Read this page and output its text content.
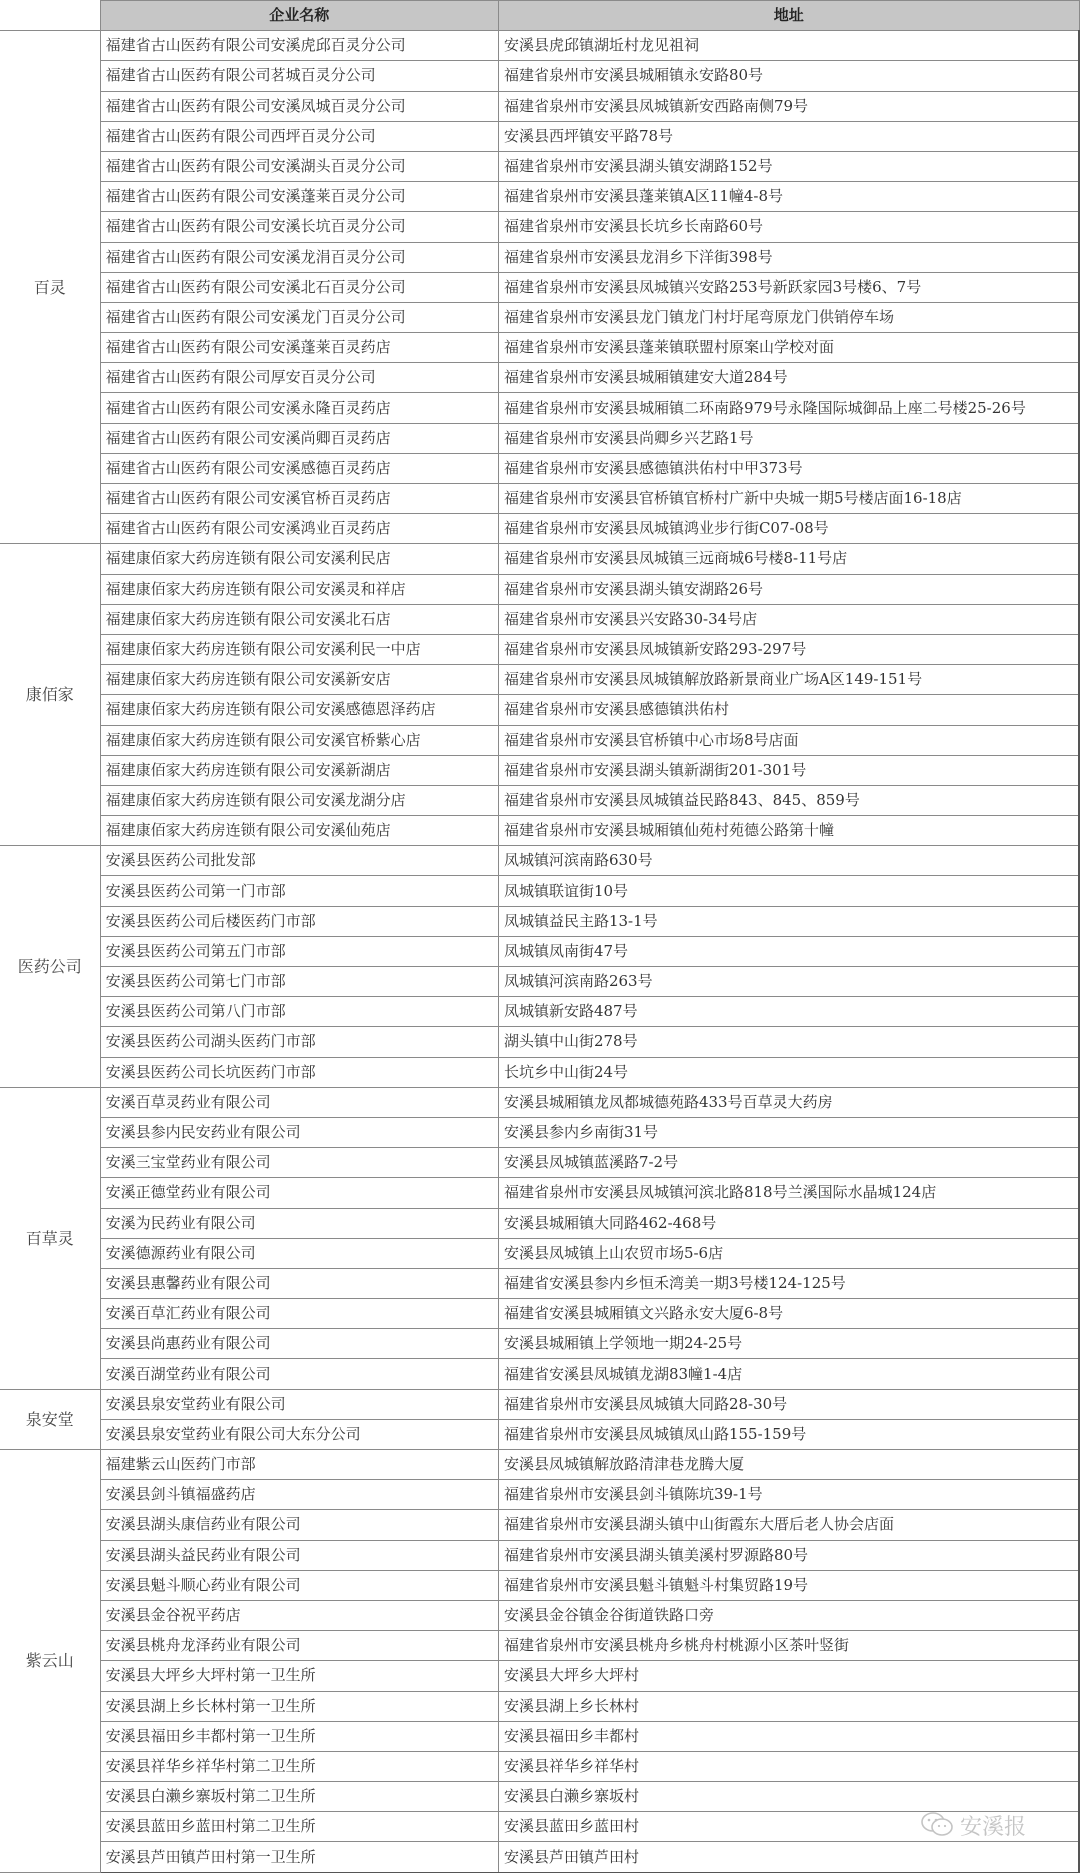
	企业名称	地址
百灵	福建省古山医药有限公司安溪虎邱百灵分公司	安溪县虎邱镇湖坵村龙见祖祠
	福建省古山医药有限公司茗城百灵分公司	福建省泉州市安溪县城厢镇永安路80号
	福建省古山医药有限公司安溪凤城百灵分公司	福建省泉州市安溪县凤城镇新安西路南侧79号
	福建省古山医药有限公司西坪百灵分公司	安溪县西坪镇安平路78号
	福建省古山医药有限公司安溪湖头百灵分公司	福建省泉州市安溪县湖头镇安湖路152号
	福建省古山医药有限公司安溪蓬莱百灵分公司	福建省泉州市安溪县蓬莱镇A区11幢4-8号
	福建省古山医药有限公司安溪长坑百灵分公司	福建省泉州市安溪县长坑乡长南路60号
	福建省古山医药有限公司安溪龙涓百灵分公司	福建省泉州市安溪县龙涓乡下洋街398号
	福建省古山医药有限公司安溪北石百灵分公司	福建省泉州市安溪县凤城镇兴安路253号新跃家园3号楼6、7号
	福建省古山医药有限公司安溪龙门百灵分公司	福建省泉州市安溪县龙门镇龙门村圩尾弯原龙门供销停车场
	福建省古山医药有限公司安溪蓬莱百灵药店	福建省泉州市安溪县蓬莱镇联盟村原案山学校对面
	福建省古山医药有限公司厚安百灵分公司	福建省泉州市安溪县城厢镇建安大道284号
	福建省古山医药有限公司安溪永隆百灵药店	福建省泉州市安溪县城厢镇二环南路979号永隆国际城御品上座二号楼25-26号
	福建省古山医药有限公司安溪尚卿百灵药店	福建省泉州市安溪县尚卿乡兴艺路1号
	福建省古山医药有限公司安溪感德百灵药店	福建省泉州市安溪县感德镇洪佑村中甲373号
	福建省古山医药有限公司安溪官桥百灵药店	福建省泉州市安溪县官桥镇官桥村广新中央城一期5号楼店面16-18店
	福建省古山医药有限公司安溪鸿业百灵药店	福建省泉州市安溪县凤城镇鸿业步行街C07-08号
康佰家	福建康佰家大药房连锁有限公司安溪利民店	福建省泉州市安溪县凤城镇三远商城6号楼8-11号店
	福建康佰家大药房连锁有限公司安溪灵和祥店	福建省泉州市安溪县湖头镇安湖路26号
	福建康佰家大药房连锁有限公司安溪北石店	福建省泉州市安溪县兴安路30-34号店
	福建康佰家大药房连锁有限公司安溪利民一中店	福建省泉州市安溪县凤城镇新安路293-297号
	福建康佰家大药房连锁有限公司安溪新安店	福建省泉州市安溪县凤城镇解放路新景商业广场A区149-151号
	福建康佰家大药房连锁有限公司安溪感德恩泽药店	福建省泉州市安溪县感德镇洪佑村
	福建康佰家大药房连锁有限公司安溪官桥紫心店	福建省泉州市安溪县官桥镇中心市场8号店面
	福建康佰家大药房连锁有限公司安溪新湖店	福建省泉州市安溪县湖头镇新湖街201-301号
	福建康佰家大药房连锁有限公司安溪龙湖分店	福建省泉州市安溪县凤城镇益民路843、845、859号
	福建康佰家大药房连锁有限公司安溪仙苑店	福建省泉州市安溪县城厢镇仙苑村苑德公路第十幢
医药公司	安溪县医药公司批发部	凤城镇河滨南路630号
	安溪县医药公司第一门市部	凤城镇联谊街10号
	安溪县医药公司后楼医药门市部	凤城镇益民主路13-1号
	安溪县医药公司第五门市部	凤城镇凤南街47号
	安溪县医药公司第七门市部	凤城镇河滨南路263号
	安溪县医药公司第八门市部	凤城镇新安路487号
	安溪县医药公司湖头医药门市部	湖头镇中山街278号
	安溪县医药公司长坑医药门市部	长坑乡中山街24号
百草灵	安溪百草灵药业有限公司	安溪县城厢镇龙凤都城德苑路433号百草灵大药房
	安溪县参内民安药业有限公司	安溪县参内乡南街31号
	安溪三宝堂药业有限公司	安溪县凤城镇蓝溪路7-2号
	安溪正德堂药业有限公司	福建省泉州市安溪县凤城镇河滨北路818号兰溪国际水晶城124店
	安溪为民药业有限公司	安溪县城厢镇大同路462-468号
	安溪德源药业有限公司	安溪县凤城镇上山农贸市场5-6店
	安溪县惠馨药业有限公司	福建省安溪县参内乡恒禾湾美一期3号楼124-125号
	安溪百草汇药业有限公司	福建省安溪县城厢镇文兴路永安大厦6-8号
	安溪县尚惠药业有限公司	安溪县城厢镇上学领地一期24-25号
	安溪百湖堂药业有限公司	福建省安溪县凤城镇龙湖83幢1-4店
泉安堂	安溪县泉安堂药业有限公司	福建省泉州市安溪县凤城镇大同路28-30号
	安溪县泉安堂药业有限公司大东分公司	福建省泉州市安溪县凤城镇凤山路155-159号
紫云山	福建紫云山医药门市部	安溪县凤城镇解放路清津巷龙腾大厦
	安溪县剑斗镇福盛药店	福建省泉州市安溪县剑斗镇陈坑39-1号
	安溪县湖头康信药业有限公司	福建省泉州市安溪县湖头镇中山街霞东大厝后老人协会店面
	安溪县湖头益民药业有限公司	福建省泉州市安溪县湖头镇美溪村罗源路80号
	安溪县魁斗顺心药业有限公司	福建省泉州市安溪县魁斗镇魁斗村集贸路19号
	安溪县金谷祝平药店	安溪县金谷镇金谷街道铁路口旁
	安溪县桃舟龙泽药业有限公司	福建省泉州市安溪县桃舟乡桃舟村桃源小区茶叶竖街
	安溪县大坪乡大坪村第一卫生所	安溪县大坪乡大坪村
	安溪县湖上乡长林村第一卫生所	安溪县湖上乡长林村
	安溪县福田乡丰都村第一卫生所	安溪县福田乡丰都村
	安溪县祥华乡祥华村第二卫生所	安溪县祥华乡祥华村
	安溪县白濑乡寨坂村第二卫生所	安溪县白濑乡寨坂村
	安溪县蓝田乡蓝田村第二卫生所	安溪县蓝田乡蓝田村
	安溪县芦田镇芦田村第一卫生所	安溪县芦田镇芦田村
安溪报
